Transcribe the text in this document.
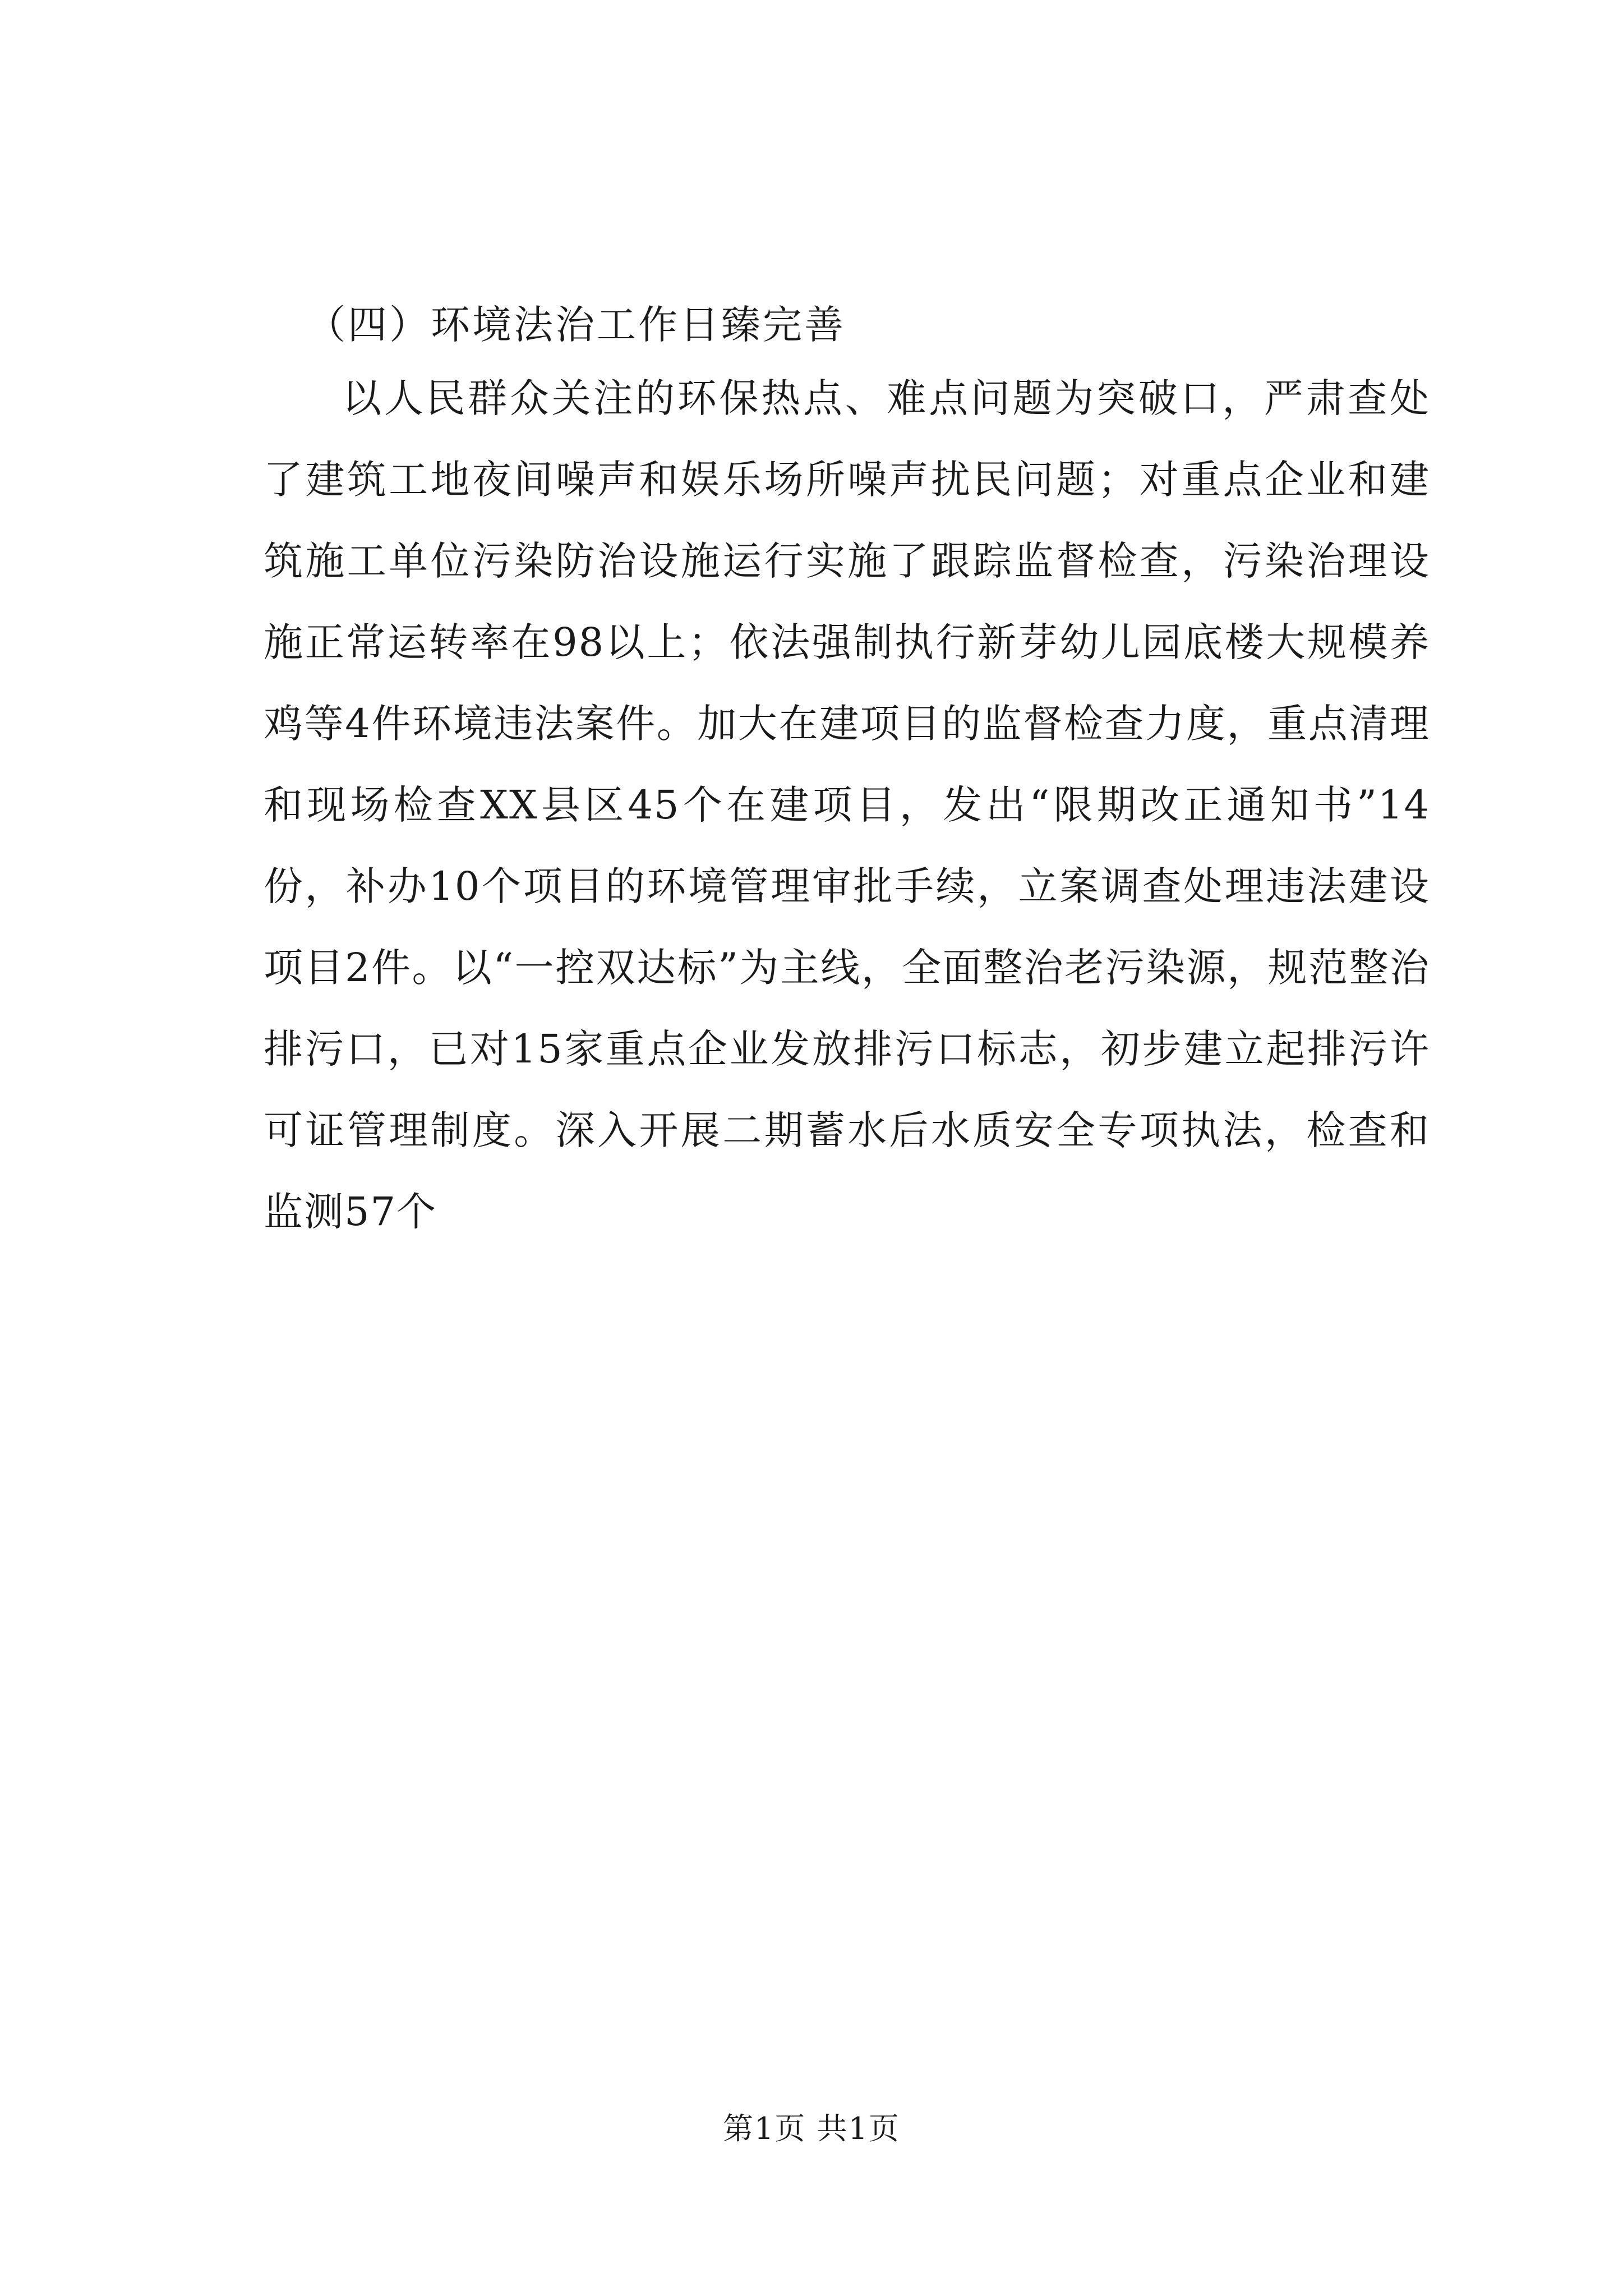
（四）环境法治工作日臻完善

以人民群众关注的环保热点、难点问题为突破口，严肃查处了建筑工地夜间噪声和娱乐场所噪声扰民问题；对重点企业和建筑施工单位污染防治设施运行实施了跟踪监督检查，污染治理设施正常运转率在98以上；依法强制执行新芽幼儿园底楼大规模养鸡等4件环境违法案件。加大在建项目的监督检查力度，重点清理和现场检查XX县区45个在建项目，发出“限期改正通知书”14份，补办10个项目的环境管理审批手续，立案调查处理违法建设项目2件。以“一控双达标”为主线，全面整治老污染源，规范整治排污口，已对15家重点企业发放排污口标志，初步建立起排污许可证管理制度。深入开展二期蓄水后水质安全专项执法，检查和监测57个

第1页 共1页
